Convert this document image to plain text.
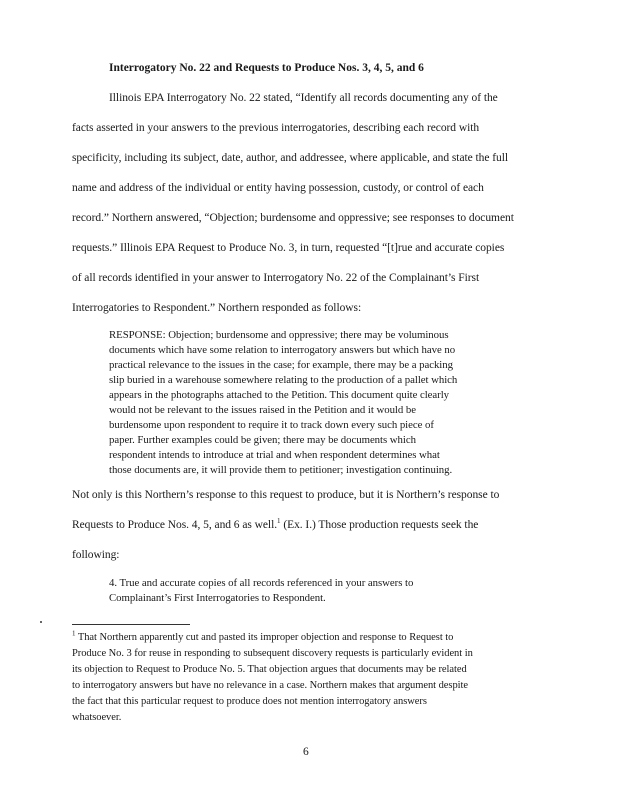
Interrogatory No. 22 and Requests to Produce Nos. 3, 4, 5, and 6
Illinois EPA Interrogatory No. 22 stated, “Identify all records documenting any of the
facts asserted in your answers to the previous interrogatories, describing each record with
specificity, including its subject, date, author, and addressee, where applicable, and state the full
name and address of the individual or entity having possession, custody, or control of each
record.” Northern answered, “Objection; burdensome and oppressive; see responses to document
requests.” Illinois EPA Request to Produce No. 3, in turn, requested “[t]rue and accurate copies
of all records identified in your answer to Interrogatory No. 22 of the Complainant’s First
Interrogatories to Respondent.” Northern responded as follows:
RESPONSE: Objection; burdensome and oppressive; there may be voluminous
documents which have some relation to interrogatory answers but which have no
practical relevance to the issues in the case; for example, there may be a packing
slip buried in a warehouse somewhere relating to the production of a pallet which
appears in the photographs attached to the Petition. This document quite clearly
would not be relevant to the issues raised in the Petition and it would be
burdensome upon respondent to require it to track down every such piece of
paper. Further examples could be given; there may be documents which
respondent intends to introduce at trial and when respondent determines what
those documents are, it will provide them to petitioner; investigation continuing.
Not only is this Northern’s response to this request to produce, but it is Northern’s response to
Requests to Produce Nos. 4, 5, and 6 as well.$^1$ (Ex. I.) Those production requests seek the
following:
4. True and accurate copies of all records referenced in your answers to
Complainant’s First Interrogatories to Respondent.
$^1$ That Northern apparently cut and pasted its improper objection and response to Request to
Produce No. 3 for reuse in responding to subsequent discovery requests is particularly evident in
its objection to Request to Produce No. 5. That objection argues that documents may be related
to interrogatory answers but have no relevance in a case. Northern makes that argument despite
the fact that this particular request to produce does not mention interrogatory answers
whatsoever.
6
